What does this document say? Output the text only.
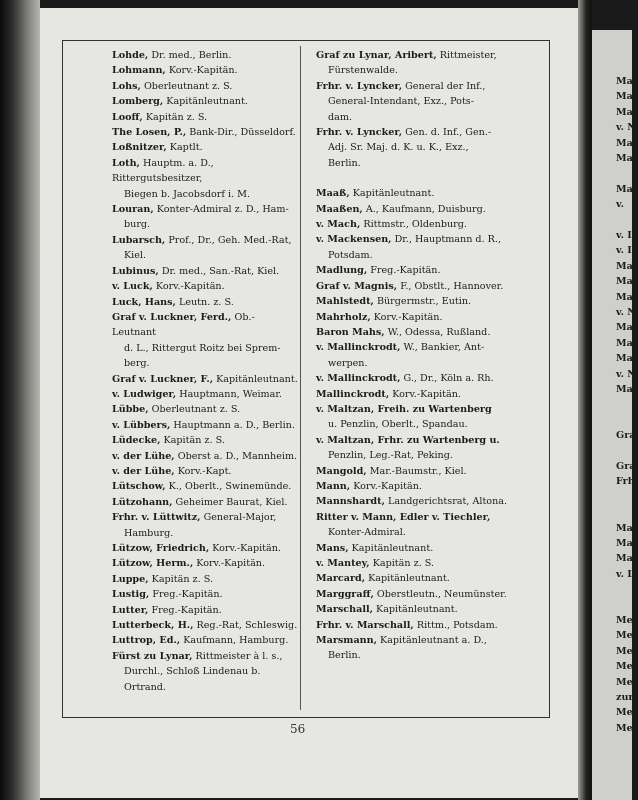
Ma
Ma
Ma
v. N
Ma
Ma
Ma
v.
v. I
v. I
Ma
Ma
Ma
v. N
Ma
Ma
Ma
v. N
Ma
Gra
Gra
Frh
Ma
Ma
Ma
v. L
Me
Me
Mei
Mei
Me
zur
Mel
Mer

Lohde, Dr. med., Berlin.

Lohmann, Korv.-Kapitän.

Lohs, Oberleutnant z. S.

Lomberg, Kapitänleutnant.

Looff, Kapitän z. S.

The Losen, P., Bank-Dir., Düsseldorf.

Loßnitzer, Kaptlt.

Loth, Hauptm. a. D., Rittergutsbesitzer,
Biegen b. Jacobsdorf i. M.

Louran, Konter-Admiral z. D., Ham-
burg.

Lubarsch, Prof., Dr., Geh. Med.-Rat,
Kiel.

Lubinus, Dr. med., San.-Rat, Kiel.

v. Luck, Korv.-Kapitän.

Luck, Hans, Leutn. z. S.

Graf v. Luckner, Ferd., Ob.-Leutnant
d. L., Rittergut Roitz bei Sprem-
berg.

Graf v. Luckner, F., Kapitänleutnant.

v. Ludwiger, Hauptmann, Weimar.

Lübbe, Oberleutnant z. S.

v. Lübbers, Hauptmann a. D., Berlin.

Lüdecke, Kapitän z. S.

v. der Lühe, Oberst a. D., Mannheim.

v. der Lühe, Korv.-Kapt.

Lütschow, K., Oberlt., Swinemünde.

Lützohann, Geheimer Baurat, Kiel.

Frhr. v. Lüttwitz, General-Major,
Hamburg.

Lützow, Friedrich, Korv.-Kapitän.

Lützow, Herm., Korv.-Kapitän.

Luppe, Kapitän z. S.

Lustig, Freg.-Kapitän.

Lutter, Freg.-Kapitän.

Lutterbeck, H., Reg.-Rat, Schleswig.

Luttrop, Ed., Kaufmann, Hamburg.

Fürst zu Lynar, Rittmeister à l. s.,
Durchl., Schloß Lindenau b.
Ortrand.

Graf zu Lynar, Aribert, Rittmeister,
Fürstenwalde.

Frhr. v. Lyncker, General der Inf.,
General-Intendant, Exz., Pots-
dam.

Frhr. v. Lyncker, Gen. d. Inf., Gen.-
Adj. Sr. Maj. d. K. u. K., Exz.,
Berlin.

Maaß, Kapitänleutnant.

Maaßen, A., Kaufmann, Duisburg.

v. Mach, Rittmstr., Oldenburg.

v. Mackensen, Dr., Hauptmann d. R.,
Potsdam.

Madlung, Freg.-Kapitän.

Graf v. Magnis, F., Obstlt., Hannover.

Mahlstedt, Bürgermstr., Eutin.

Mahrholz, Korv.-Kapitän.

Baron Mahs, W., Odessa, Rußland.

v. Mallinckrodt, W., Bankier, Ant-
werpen.

v. Mallinckrodt, G., Dr., Köln a. Rh.

Mallinckrodt, Korv.-Kapitän.

v. Maltzan, Freih. zu Wartenberg
u. Penzlin, Oberlt., Spandau.

v. Maltzan, Frhr. zu Wartenberg u.
Penzlin, Leg.-Rat, Peking.

Mangold, Mar.-Baumstr., Kiel.

Mann, Korv.-Kapitän.

Mannshardt, Landgerichtsrat, Altona.

Ritter v. Mann, Edler v. Tiechler,
Konter-Admiral.

Mans, Kapitänleutnant.

v. Mantey, Kapitän z. S.

Marcard, Kapitänleutnant.

Marggraff, Oberstleutn., Neumünster.

Marschall, Kapitänleutnant.

Frhr. v. Marschall, Rittm., Potsdam.

Marsmann, Kapitänleutnant a. D.,
Berlin.

56
